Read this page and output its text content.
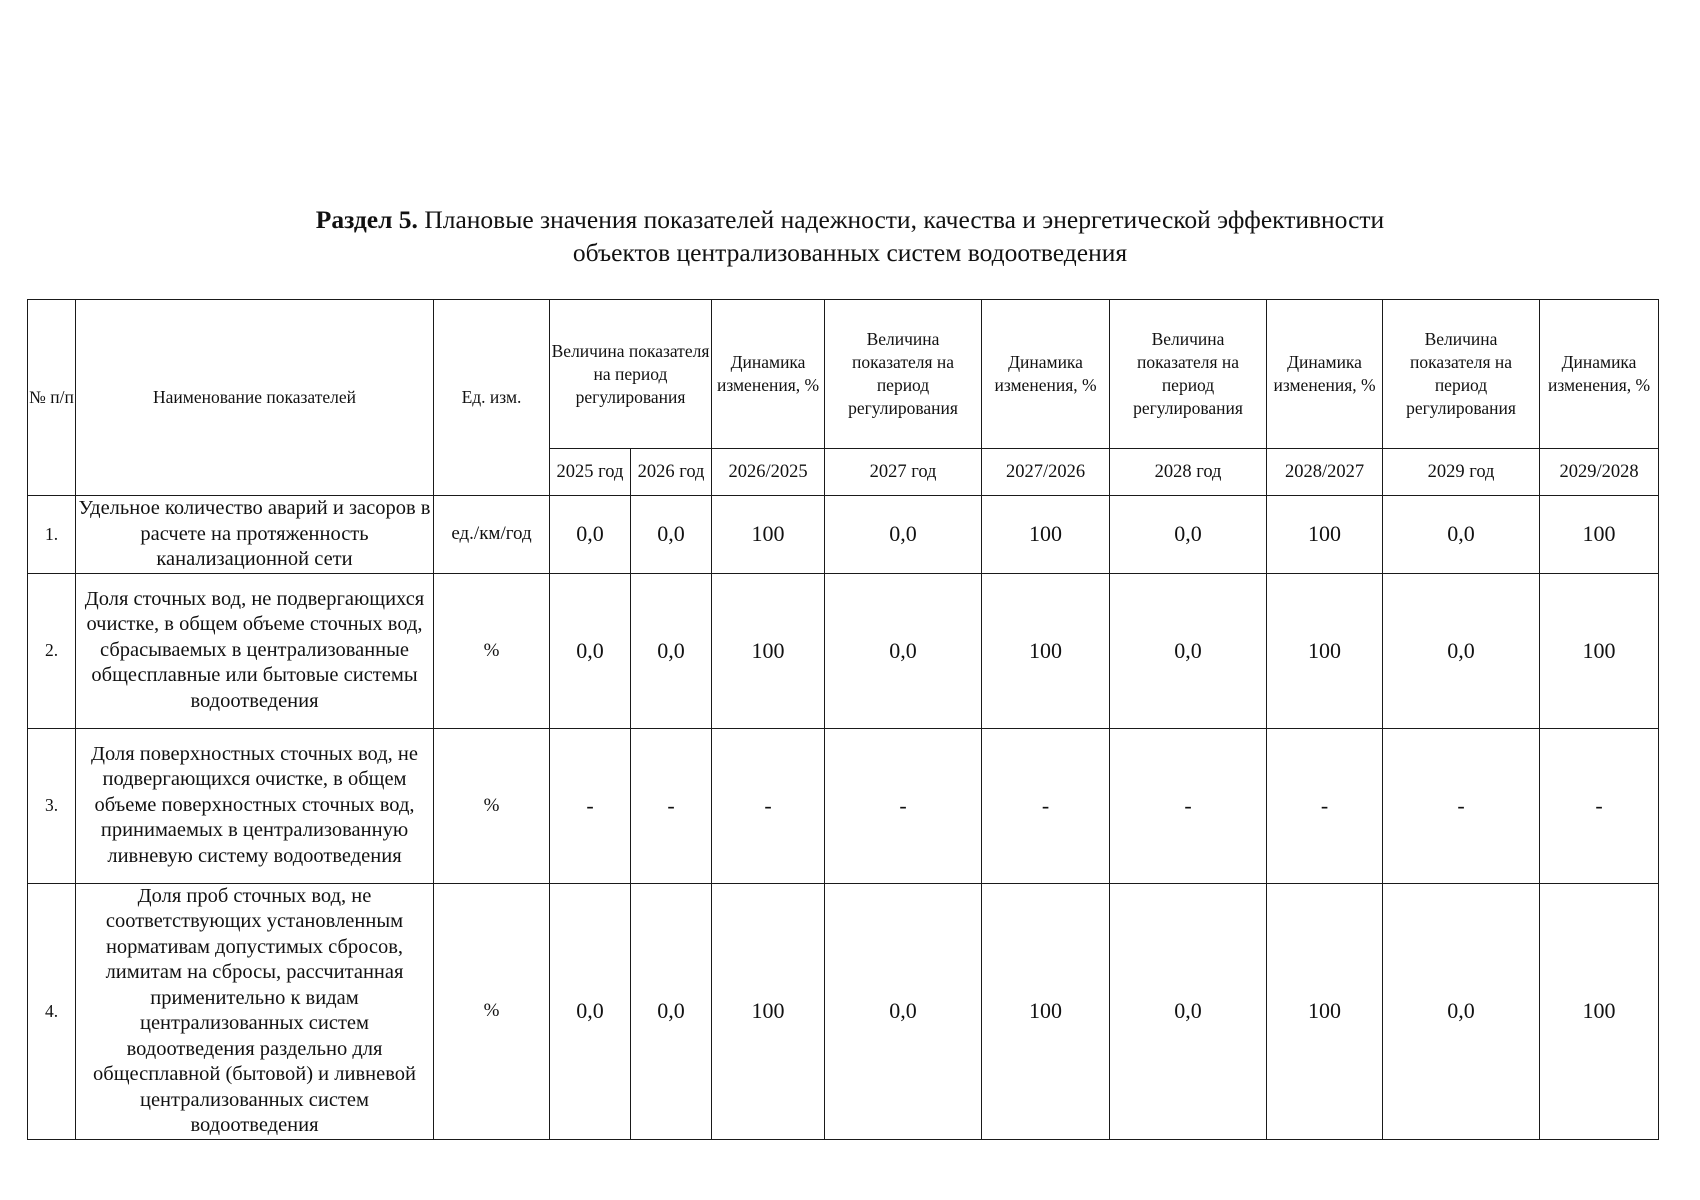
Раздел 5. Плановые значения показателей надежности, качества и энергетической эффективности
объектов централизованных систем водоотведения
№ п/п	Наименование показателей	Ед. изм.	Величина показателя на период регулирования		Динамика изменения, %	Величина показателя на период регулирования	Динамика изменения, %	Величина показателя на период регулирования	Динамика изменения, %	Величина показателя на период регулирования	Динамика изменения, %
			2025 год	2026 год	2026/2025	2027 год	2027/2026	2028 год	2028/2027	2029 год	2029/2028
1.	Удельное количество аварий и засоров в расчете на протяженность канализационной сети	ед./км/год	0,0	0,0	100	0,0	100	0,0	100	0,0	100
2.	Доля сточных вод, не подвергающихся очистке, в общем объеме сточных вод, сбрасываемых в централизованные общесплавные или бытовые системы водоотведения	%	0,0	0,0	100	0,0	100	0,0	100	0,0	100
3.	Доля поверхностных сточных вод, не подвергающихся очистке, в общем объеме поверхностных сточных вод, принимаемых в централизованную ливневую систему водоотведения	%	-	-	-	-	-	-	-	-	-
4.	Доля проб сточных вод, не соответствующих установленным нормативам допустимых сбросов, лимитам на сбросы, рассчитанная применительно к видам централизованных систем водоотведения раздельно для общесплавной (бытовой) и ливневой централизованных систем водоотведения	%	0,0	0,0	100	0,0	100	0,0	100	0,0	100
